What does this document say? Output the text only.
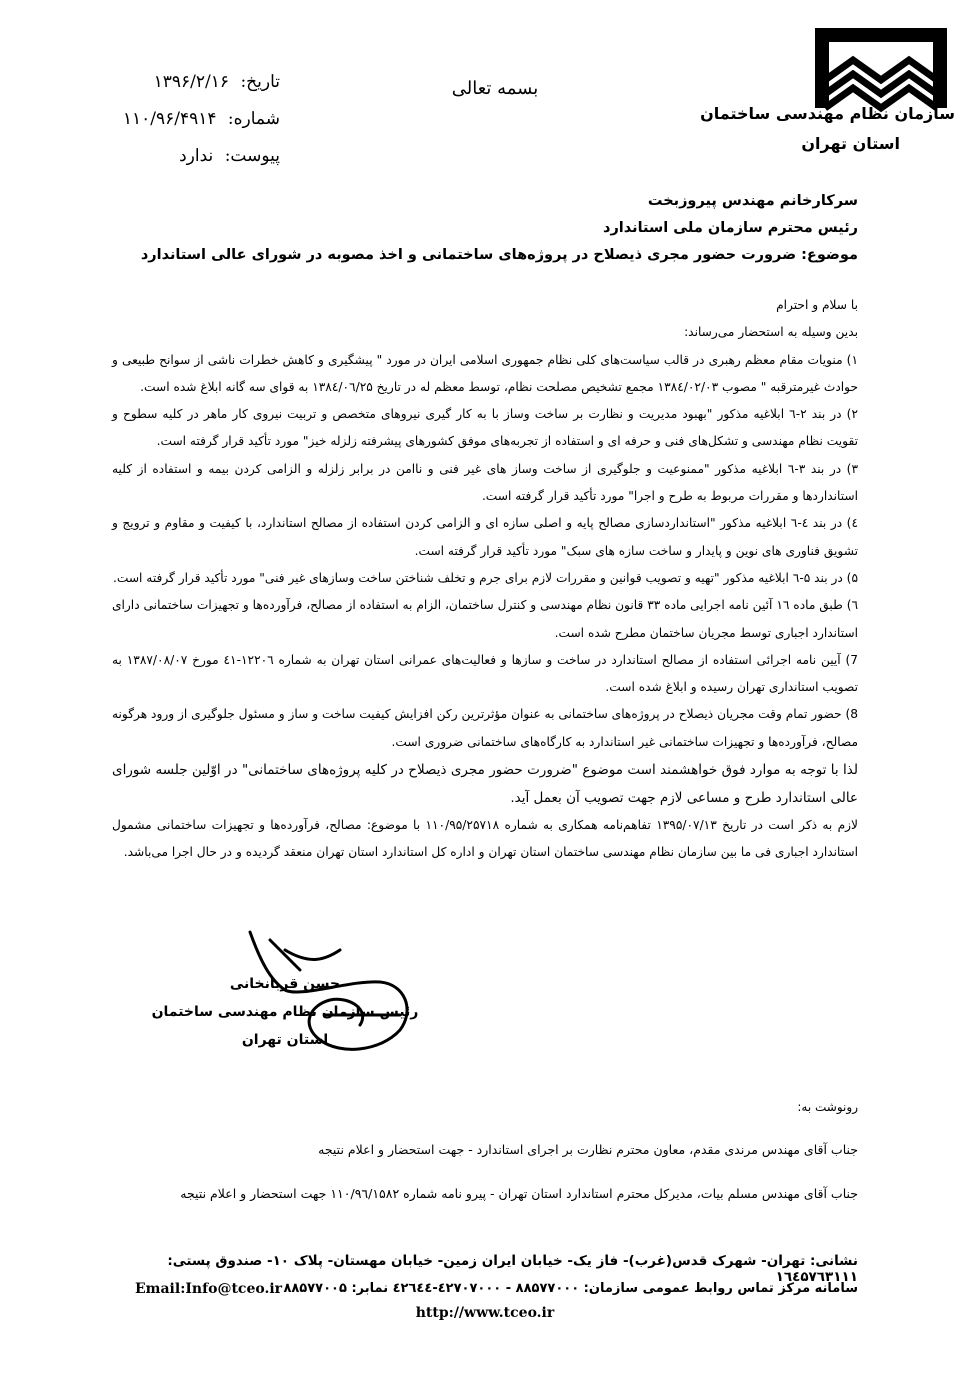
تاریخ: ۱۳۹۶/۲/۱۶
شماره: ۱۱۰/۹۶/۴۹۱۴
پیوست: ندارد
بسمه تعالی
سازمان نظام مهندسی ساختمان
استان تهران
سرکارخانم مهندس پیروزبخت
رئیس محترم سازمان ملی استاندارد
موضوع: ضرورت حضور مجری ذیصلاح در پروژه‌های ساختمانی و اخذ مصوبه در شورای عالی استاندارد

با سلام و احترام

بدین وسیله به استحضار می‌رساند:

۱) منویات مقام معظم رهبری در قالب سیاست‌های کلی نظام جمهوری اسلامی ایران در مورد " پیشگیری و کاهش خطرات ناشی از سوانح طبیعی و حوادث غیرمترقبه " مصوب ۱۳۸٤/۰۲/۰۳ مجمع تشخیص مصلحت نظام، توسط معظم له در تاریخ ۱۳۸٤/۰٦/۲۵ به قوای سه گانه ابلاغ شده است.

۲) در بند ۲-٦ ابلاغیه مذکور "بهبود مدیریت و نظارت بر ساخت وساز با به کار گیری نیروهای متخصص و تربیت نیروی کار ماهر در کلیه سطوح و تقویت نظام مهندسی و تشکل‌های فنی و حرفه ای و استفاده از تجربه‌های موفق کشورهای پیشرفته زلزله خیز" مورد تأکید قرار گرفته است.

۳) در بند ۳-٦ ابلاغیه مذکور "ممنوعیت و جلوگیری از ساخت وساز های غیر فنی و ناامن در برابر زلزله و الزامی کردن بیمه و استفاده از کلیه استانداردها و مقررات مربوط به طرح و اجرا" مورد تأکید قرار گرفته است.

٤) در بند ٤-٦ ابلاغیه مذکور "استانداردسازی مصالح پایه و اصلی سازه ای و الزامی کردن استفاده از مصالح استاندارد، با کیفیت و مقاوم و ترویج و تشویق فناوری های نوین و پایدار و ساخت سازه های سبک" مورد تأکید قرار گرفته است.

۵) در بند ۵-٦ ابلاغیه مذکور "تهیه و تصویب قوانین و مقررات لازم برای جرم و تخلف شناختن ساخت وسازهای غیر فنی" مورد تأکید قرار گرفته است.

٦) طبق ماده ۱٦ آئین نامه اجرایی ماده ۳۳ قانون نظام مهندسی و کنترل ساختمان، الزام به استفاده از مصالح، فرآورده‌ها و تجهیزات ساختمانی دارای استاندارد اجباری توسط مجریان ساختمان مطرح شده است.

7) آیین نامه اجرائی استفاده از مصالح استاندارد در ساخت و سازها و فعالیت‌های عمرانی استان تهران به شماره ۱۲۲۰٦-٤۱ مورخ ۱۳۸۷/۰۸/۰۷ به تصویب استانداری تهران رسیده و ابلاغ شده است.

8) حضور تمام وقت مجریان ذیصلاح در پروژه‌های ساختمانی به عنوان مؤثرترین رکن افزایش کیفیت ساخت و ساز و مسئول جلوگیری از ورود هرگونه مصالح، فرآورده‌ها و تجهیزات ساختمانی غیر استاندارد به کارگاه‌های ساختمانی ضروری است.

لذا با توجه به موارد فوق خواهشمند است موضوع "ضرورت حضور مجری ذیصلاح در کلیه پروژه‌های ساختمانی" در اوّلین جلسه شورای عالی استاندارد طرح و مساعی لازم جهت تصویب آن بعمل آید.

لازم به ذکر است در تاریخ ۱۳۹۵/۰۷/۱۳ تفاهم‌نامه همکاری به شماره ۱۱۰/۹۵/۲۵۷۱۸ با موضوع: مصالح، فرآورده‌ها و تجهیزات ساختمانی مشمول استاندارد اجباری فی ما بین سازمان نظام مهندسی ساختمان استان تهران و اداره کل استاندارد استان تهران منعقد گردیده و در حال اجرا می‌باشد.

حسن قربانخانی
رئیس سازمان نظام مهندسی ساختمان
استان تهران
رونوشت به:
جناب آقای مهندس مرندی مقدم، معاون محترم نظارت بر اجرای استاندارد - جهت استحضار و اعلام نتیجه
جناب آقای مهندس مسلم بیات، مدیرکل محترم استاندارد استان تهران - پیرو نامه شماره ۱۱۰/۹٦/۱۵۸۲ جهت استحضار و اعلام نتیجه
نشانی: تهران- شهرک قدس(غرب)- فاز یک- خیابان ایران زمین- خیابان مهستان- پلاک ۱۰- صندوق پستی: ۱٦٤۵۷٦۳۱۱۱
Email:Info@tceo.ir سامانه مرکز تماس روابط عمومی سازمان: ۸۸۵۷۷۰۰۰ - ٤۲۷۰۷۰۰۰-٤۲٦٤٤ نمابر: ۸۸۵۷۷۰۰۵
http://www.tceo.ir
